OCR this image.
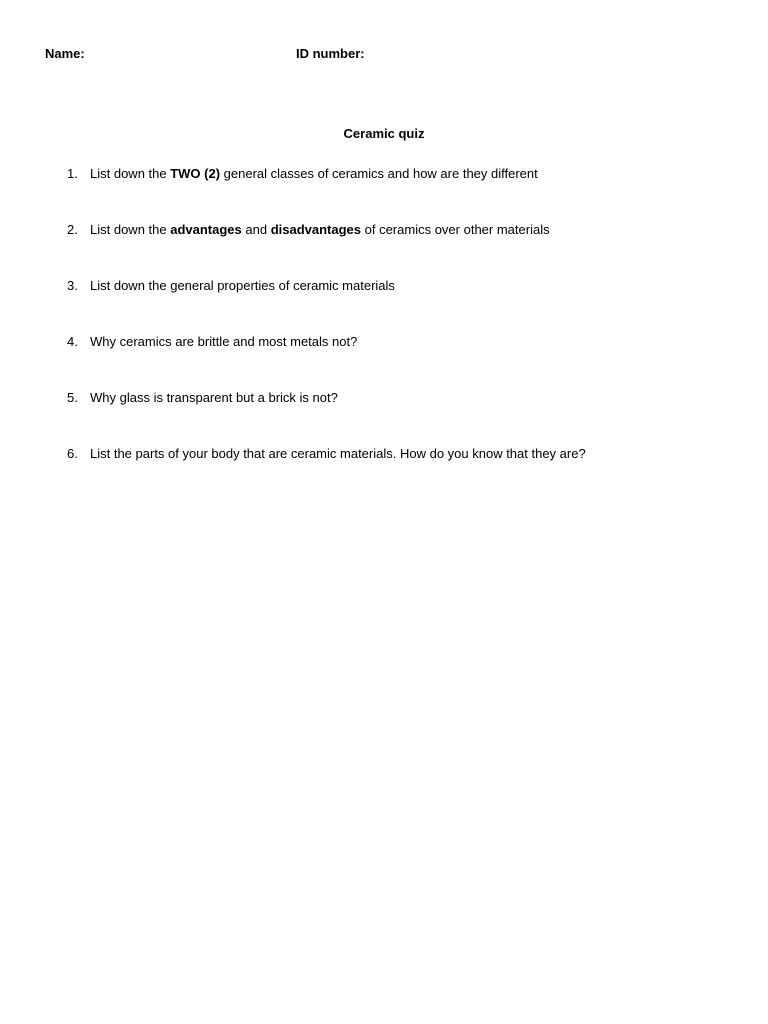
Name:	ID number:
Ceramic quiz
1. List down the TWO (2) general classes of ceramics and how are they different
2. List down the advantages and disadvantages of ceramics over other materials
3. List down the general properties of ceramic materials
4. Why ceramics are brittle and most metals not?
5. Why glass is transparent but a brick is not?
6. List the parts of your body that are ceramic materials. How do you know that they are?
